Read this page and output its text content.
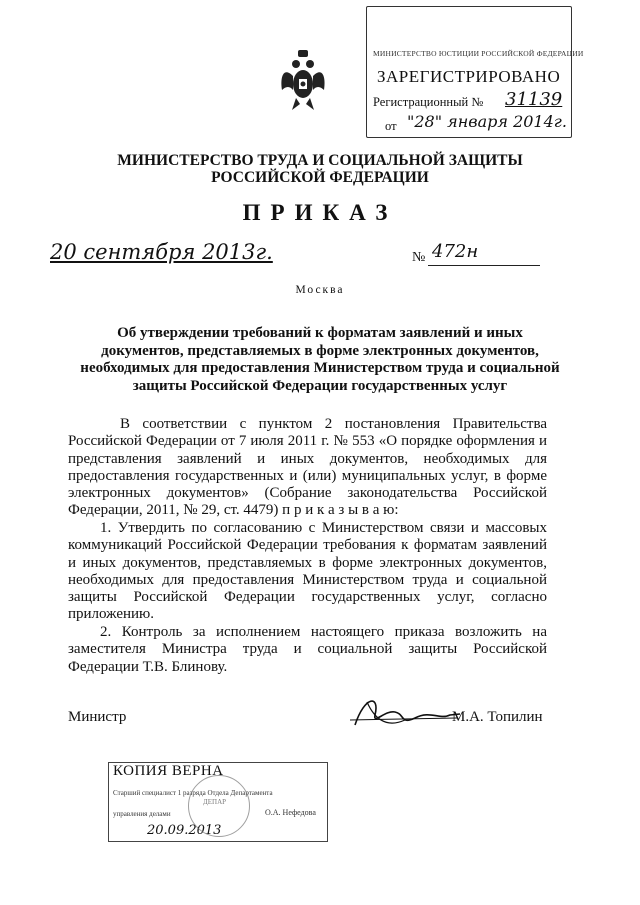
МИНИСТЕРСТВО ЮСТИЦИИ РОССИЙСКОЙ ФЕДЕРАЦИИ
ЗАРЕГИСТРИРОВАНО
Регистрационный № 31139
от "28" января 2014г.
МИНИСТЕРСТВО ТРУДА И СОЦИАЛЬНОЙ ЗАЩИТЫ
РОССИЙСКОЙ ФЕДЕРАЦИИ
ПРИКАЗ
20 сентября 2013г.	№ 472н
Москва
Об утверждении требований к форматам заявлений и иных документов, представляемых в форме электронных документов, необходимых для предоставления Министерством труда и социальной защиты Российской Федерации государственных услуг
В соответствии с пунктом 2 постановления Правительства Российской Федерации от 7 июля 2011 г. № 553 «О порядке оформления и представления заявлений и иных документов, необходимых для предоставления государственных и (или) муниципальных услуг, в форме электронных документов» (Собрание законодательства Российской Федерации, 2011, № 29, ст. 4479) п р и к а з ы в а ю:
1. Утвердить по согласованию с Министерством связи и массовых коммуникаций Российской Федерации требования к форматам заявлений и иных документов, представляемых в форме электронных документов, необходимых для предоставления Министерством труда и социальной защиты Российской Федерации государственных услуг, согласно приложению.
2. Контроль за исполнением настоящего приказа возложить на заместителя Министра труда и социальной защиты Российской Федерации Т.В. Блинову.
Министр	М.А. Топилин
КОПИЯ ВЕРНА
Старший специалист 1 разряда Отдела Департамента
управления делами	О.А. Нефедова
20.09.2013
ДЕПАР
